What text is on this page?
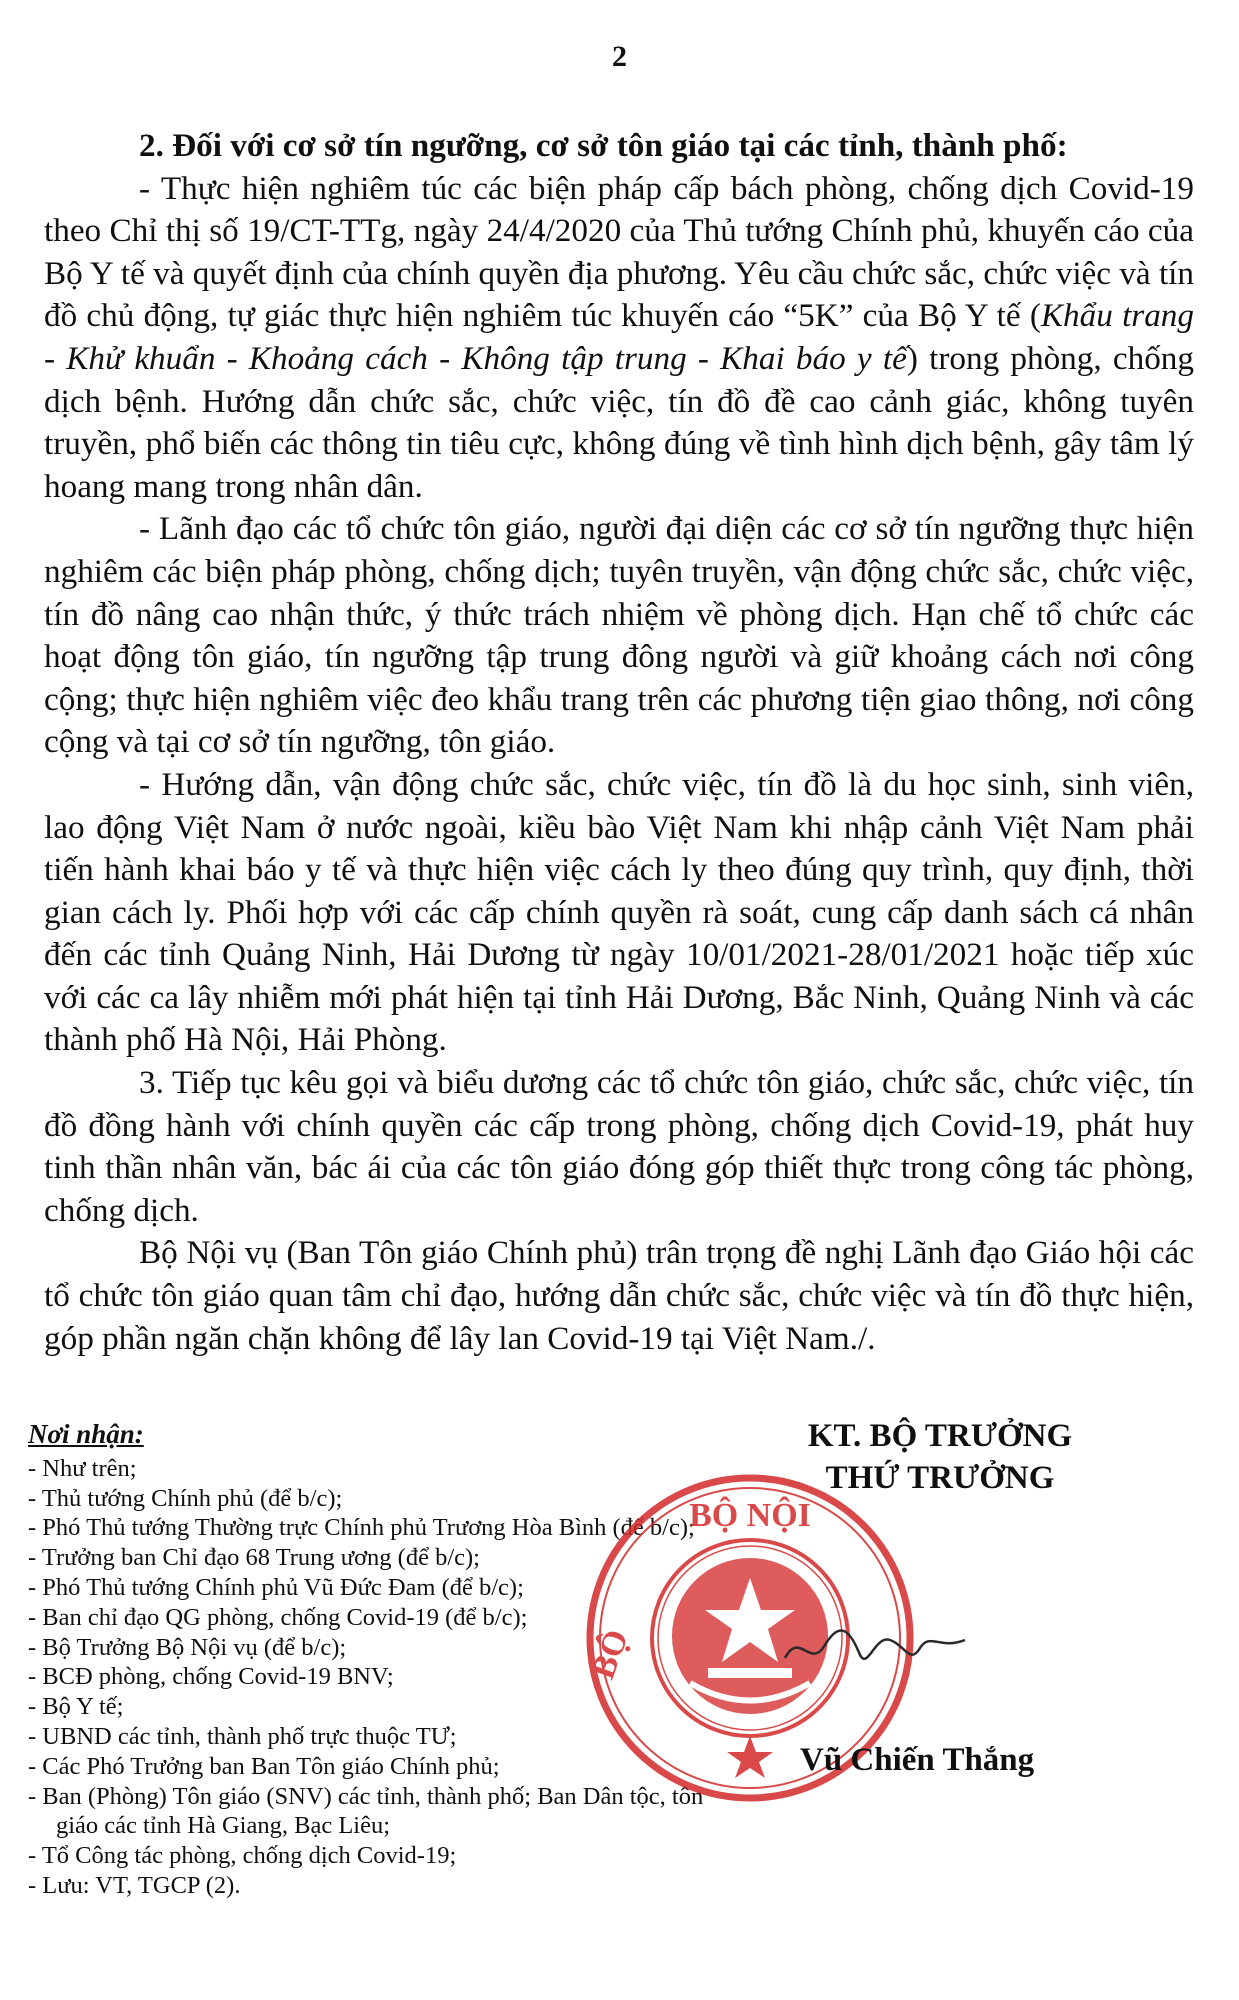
2

2. Đối với cơ sở tín ngưỡng, cơ sở tôn giáo tại các tỉnh, thành phố:

- Thực hiện nghiêm túc các biện pháp cấp bách phòng, chống dịch Covid-19 theo Chỉ thị số 19/CT-TTg, ngày 24/4/2020 của Thủ tướng Chính phủ, khuyến cáo của Bộ Y tế và quyết định của chính quyền địa phương. Yêu cầu chức sắc, chức việc và tín đồ chủ động, tự giác thực hiện nghiêm túc khuyến cáo “5K” của Bộ Y tế (Khẩu trang - Khử khuẩn - Khoảng cách - Không tập trung - Khai báo y tế) trong phòng, chống dịch bệnh. Hướng dẫn chức sắc, chức việc, tín đồ đề cao cảnh giác, không tuyên truyền, phổ biến các thông tin tiêu cực, không đúng về tình hình dịch bệnh, gây tâm lý hoang mang trong nhân dân.

- Lãnh đạo các tổ chức tôn giáo, người đại diện các cơ sở tín ngưỡng thực hiện nghiêm các biện pháp phòng, chống dịch; tuyên truyền, vận động chức sắc, chức việc, tín đồ nâng cao nhận thức, ý thức trách nhiệm về phòng dịch. Hạn chế tổ chức các hoạt động tôn giáo, tín ngưỡng tập trung đông người và giữ khoảng cách nơi công cộng; thực hiện nghiêm việc đeo khẩu trang trên các phương tiện giao thông, nơi công cộng và tại cơ sở tín ngưỡng, tôn giáo.

- Hướng dẫn, vận động chức sắc, chức việc, tín đồ là du học sinh, sinh viên, lao động Việt Nam ở nước ngoài, kiều bào Việt Nam khi nhập cảnh Việt Nam phải tiến hành khai báo y tế và thực hiện việc cách ly theo đúng quy trình, quy định, thời gian cách ly. Phối hợp với các cấp chính quyền rà soát, cung cấp danh sách cá nhân đến các tỉnh Quảng Ninh, Hải Dương từ ngày 10/01/2021-28/01/2021 hoặc tiếp xúc với các ca lây nhiễm mới phát hiện tại tỉnh Hải Dương, Bắc Ninh, Quảng Ninh và các thành phố Hà Nội, Hải Phòng.

3. Tiếp tục kêu gọi và biểu dương các tổ chức tôn giáo, chức sắc, chức việc, tín đồ đồng hành với chính quyền các cấp trong phòng, chống dịch Covid-19, phát huy tinh thần nhân văn, bác ái của các tôn giáo đóng góp thiết thực trong công tác phòng, chống dịch.

Bộ Nội vụ (Ban Tôn giáo Chính phủ) trân trọng đề nghị Lãnh đạo Giáo hội các tổ chức tôn giáo quan tâm chỉ đạo, hướng dẫn chức sắc, chức việc và tín đồ thực hiện, góp phần ngăn chặn không để lây lan Covid-19 tại Việt Nam./.

Nơi nhận:
- Như trên;
- Thủ tướng Chính phủ (để b/c);
- Phó Thủ tướng Thường trực Chính phủ Trương Hòa Bình (để b/c);
- Trưởng ban Chỉ đạo 68 Trung ương (để b/c);
- Phó Thủ tướng Chính phủ Vũ Đức Đam (để b/c);
- Ban chỉ đạo QG phòng, chống Covid-19 (để b/c);
- Bộ Trưởng Bộ Nội vụ (để b/c);
- BCĐ phòng, chống Covid-19 BNV;
- Bộ Y tế;
- UBND các tỉnh, thành phố trực thuộc TƯ;
- Các Phó Trưởng ban Ban Tôn giáo Chính phủ;
- Ban (Phòng) Tôn giáo (SNV) các tỉnh, thành phố; Ban Dân tộc, tôn giáo các tỉnh Hà Giang, Bạc Liêu;
- Tổ Công tác phòng, chống dịch Covid-19;
- Lưu: VT, TGCP (2).
BỘ NỘI
BỘ
KT. BỘ TRƯỞNG
THỨ TRƯỞNG
Vũ Chiến Thắng
